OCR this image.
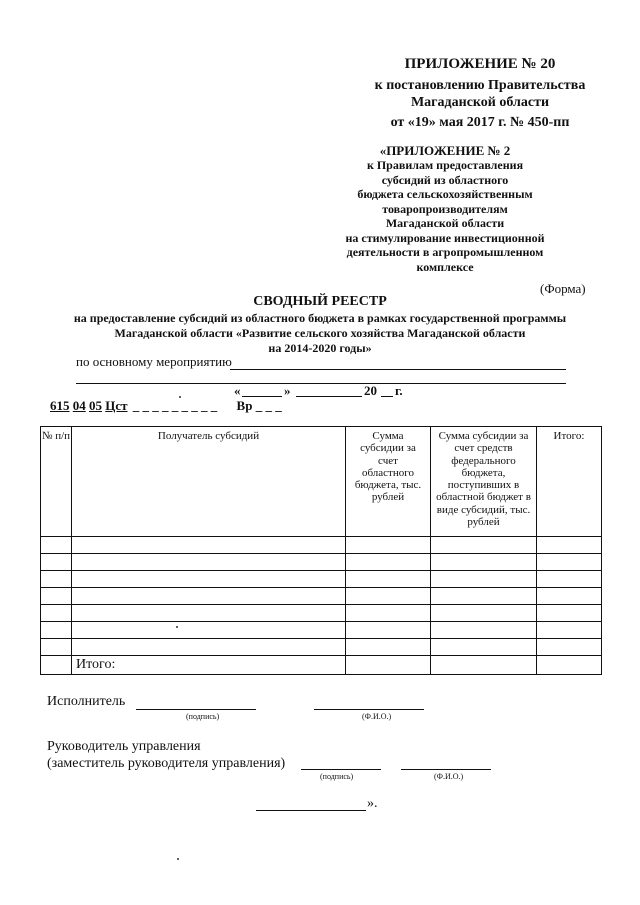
ПРИЛОЖЕНИЕ № 20
к постановлению Правительства
Магаданской области
от «19» мая 2017 г. № 450-пп
«ПРИЛОЖЕНИЕ № 2
к Правилам предоставления
субсидий из областного
бюджета сельскохозяйственным
товаропроизводителям
Магаданской области
на стимулирование инвестиционной
деятельности в агропромышленном
комплексе
(Форма)
СВОДНЫЙ РЕЕСТР
на предоставление субсидий из областного бюджета в рамках государственной программы
Магаданской области «Развитие сельского хозяйства Магаданской области
на 2014-2020 годы»
по основному мероприятию
«	»	20 г.
615 04 05 Цст _ _ _ _ _ _ _ _ _ Вр _ _ _
№ п/п	Получатель субсидий	Сумма субсидии за счет областного бюджета, тыс. рублей	Сумма субсидии за счет средств федерального бюджета, поступивших в областной бюджет в виде субсидий, тыс. рублей	Итого:

	Итого:			
Исполнитель
(подпись)	(Ф.И.О.)
Руководитель управления
(заместитель руководителя управления)
(подпись)	(Ф.И.О.)
».
